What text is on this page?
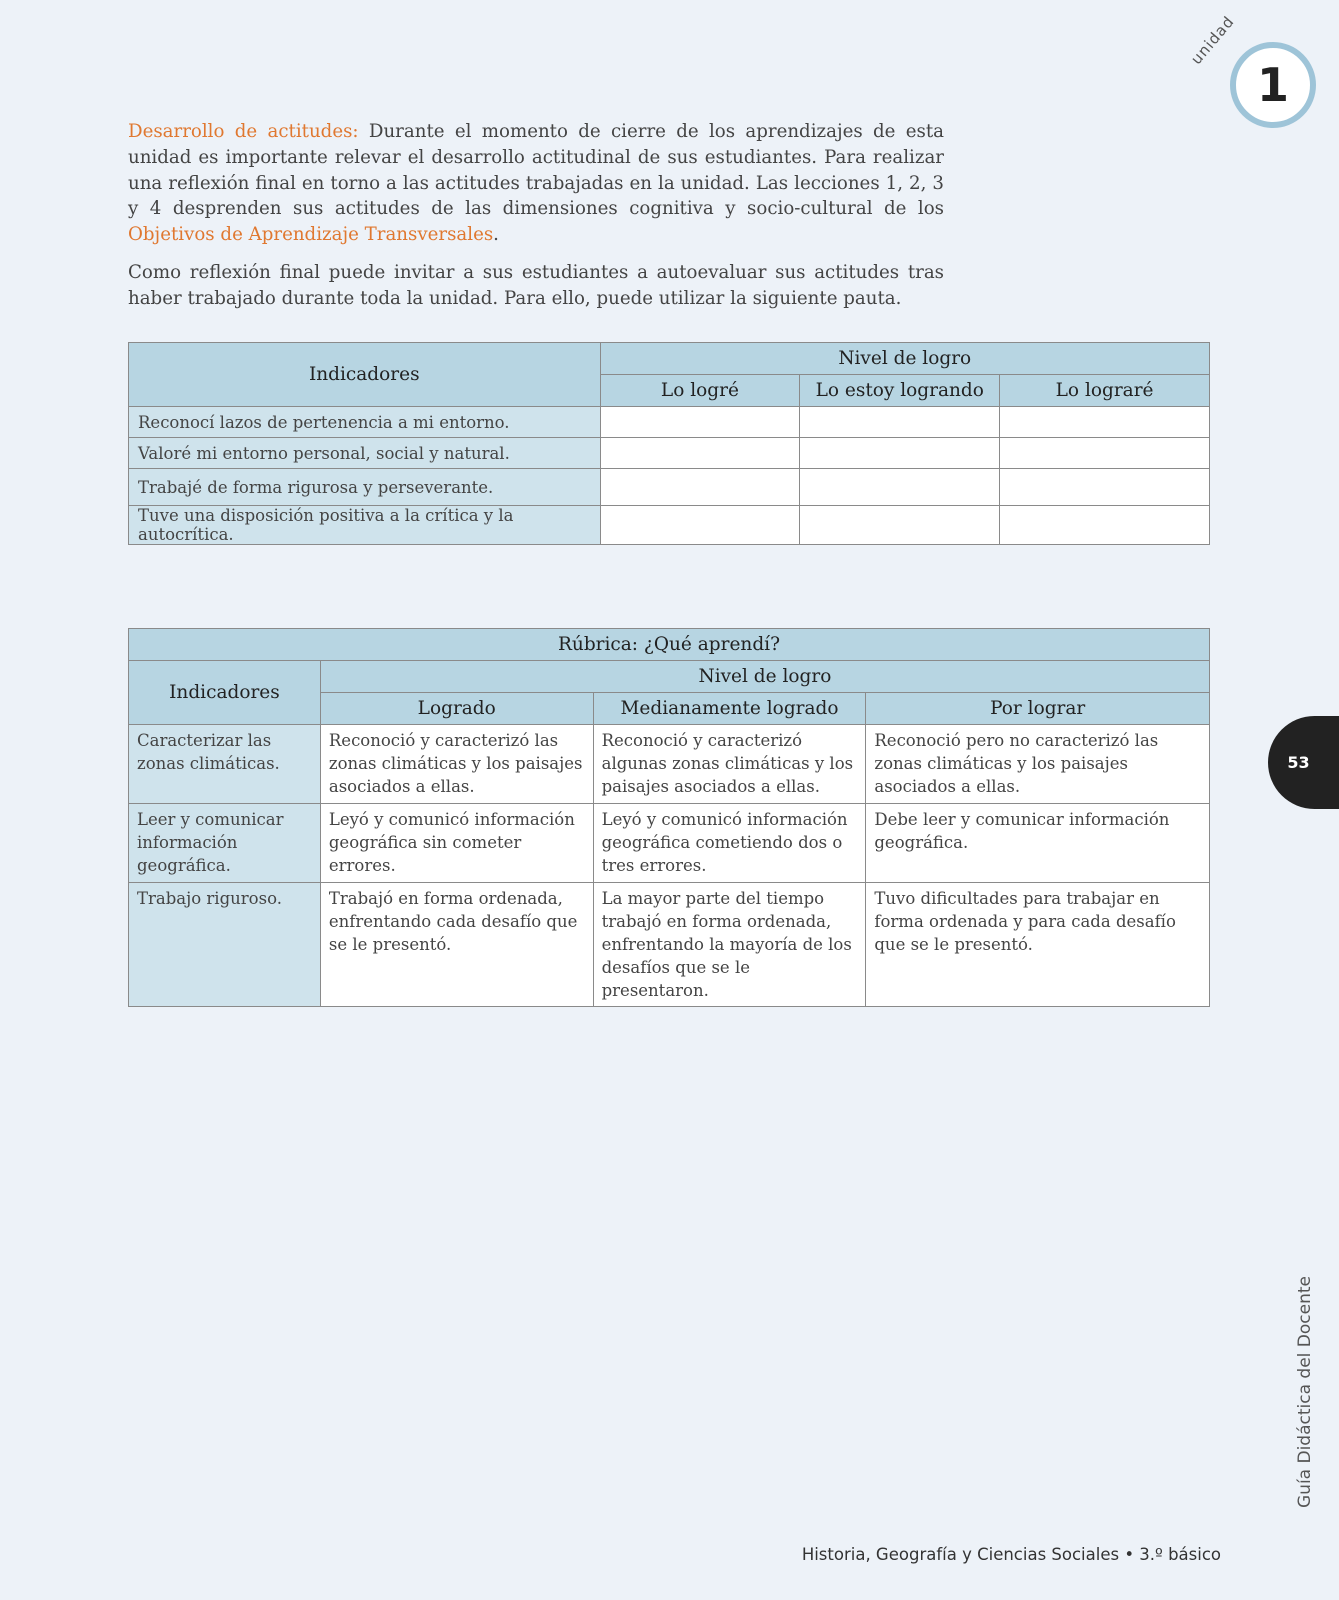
unidad
1

Desarrollo de actitudes: Durante el momento de cierre de los aprendizajes de esta unidad es importante relevar el desarrollo actitudinal de sus estudiantes. Para realizar una reflexión final en torno a las actitudes trabajadas en la unidad. Las lecciones 1, 2, 3 y 4 desprenden sus actitudes de las dimensiones cognitiva y socio-cultural de los Objetivos de Aprendizaje Transversales.

Como reflexión final puede invitar a sus estudiantes a autoevaluar sus actitudes tras haber trabajado durante toda la unidad. Para ello, puede utilizar la siguiente pauta.

Indicadores	Nivel de logro		
	Lo logré	Lo estoy logrando	Lo lograré
Reconocí lazos de pertenencia a mi entorno.			
Valoré mi entorno personal, social y natural.			
Trabajé de forma rigurosa y perseverante.			
Tuve una disposición positiva a la crítica y la autocrítica.			
Rúbrica: ¿Qué aprendí?			
Indicadores	Nivel de logro		
	Logrado	Medianamente logrado	Por lograr
Caracterizar las zonas climáticas.	Reconoció y caracterizó las zonas climáticas y los paisajes asociados a ellas.	Reconoció y caracterizó algunas zonas climáticas y los paisajes asociados a ellas.	Reconoció pero no caracterizó las zonas climáticas y los paisajes asociados a ellas.
Leer y comunicar información geográfica.	Leyó y comunicó información geográfica sin cometer errores.	Leyó y comunicó información geográfica cometiendo dos o tres errores.	Debe leer y comunicar información geográfica.
Trabajo riguroso.	Trabajó en forma ordenada, enfrentando cada desafío que se le presentó.	La mayor parte del tiempo trabajó en forma ordenada, enfrentando la mayoría de los desafíos que se le presentaron.	Tuvo dificultades para trabajar en forma ordenada y para cada desafío que se le presentó.
53
Guía Didáctica del Docente
Historia, Geografía y Ciencias Sociales • 3.º básico
